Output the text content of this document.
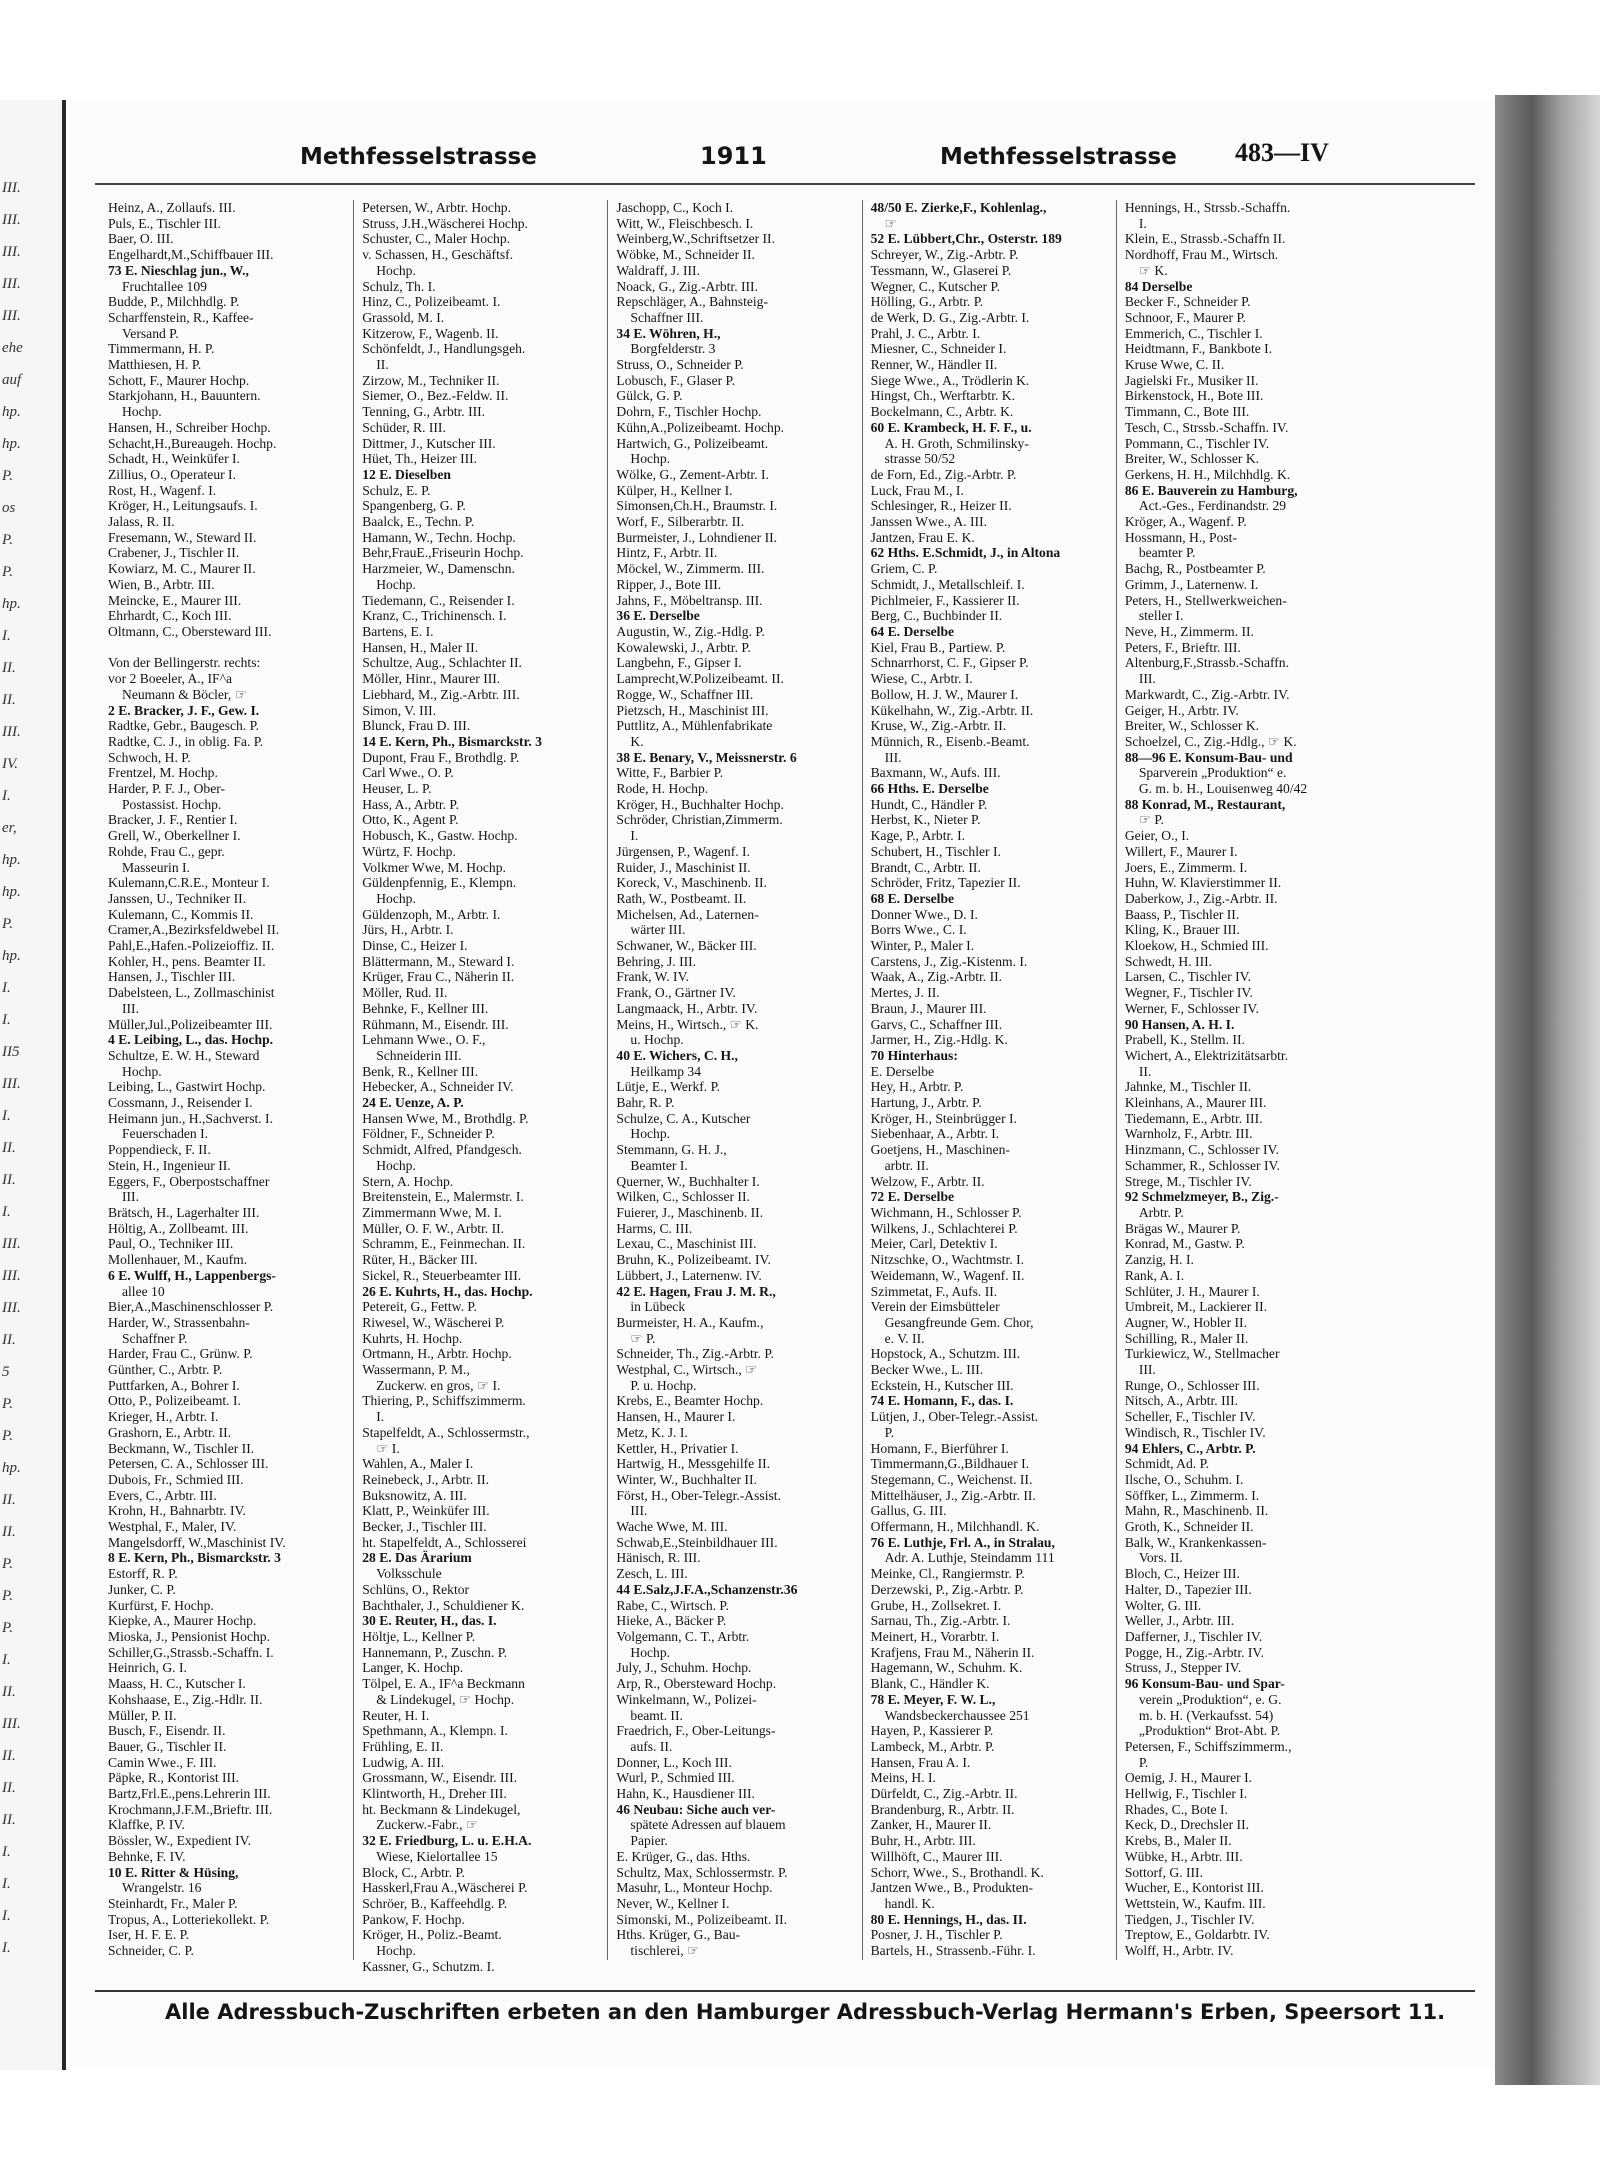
III.
III.
III.
III.
III.
ehe
auf
hp.
hp.
P.
os
P.
P.
hp.
I.
II.
II.
III.
IV.
I.
er,
hp.
hp.
P.
hp.
I.
I.
II5
III.
I.
II.
II.
I.
III.
III.
III.
II.
5
P.
P.
hp.
II.
II.
P.
P.
P.
I.
II.
III.
II.
II.
II.
I.
I.
I.
I.
Methfesselstrasse	1911	Methfesselstrasse 483—IV
Heinz, A., Zollaufs. III.
Puls, E., Tischler III.
Baer, O. III.
Engelhardt,M.,Schiffbauer III.
73 E. Nieschlag jun., W.,
Fruchtallee 109
Budde, P., Milchhdlg. P.
Scharffenstein, R., Kaffee-
Versand P.
Timmermann, H. P.
Matthiesen, H. P.
Schott, F., Maurer Hochp.
Starkjohann, H., Bauuntern.
Hochp.
Hansen, H., Schreiber Hochp.
Schacht,H.,Bureaugeh. Hochp.
Schadt, H., Weinküfer I.
Zillius, O., Operateur I.
Rost, H., Wagenf. I.
Kröger, H., Leitungsaufs. I.
Jalass, R. II.
Fresemann, W., Steward II.
Crabener, J., Tischler II.
Kowiarz, M. C., Maurer II.
Wien, B., Arbtr. III.
Meincke, E., Maurer III.
Ehrhardt, C., Koch III.
Oltmann, C., Obersteward III.

Von der Bellingerstr. rechts:
vor 2 Boeeler, A., IF^a
Neumann & Böcler, ☞
2 E. Bracker, J. F., Gew. I.
Radtke, Gebr., Baugesch. P.
Radtke, C. J., in oblig. Fa. P.
Schwoch, H. P.
Frentzel, M. Hochp.
Harder, P. F. J., Ober-
Postassist. Hochp.
Bracker, J. F., Rentier I.
Grell, W., Oberkellner I.
Rohde, Frau C., gepr.
Masseurin I.
Kulemann,C.R.E., Monteur I.
Janssen, U., Techniker II.
Kulemann, C., Kommis II.
Cramer,A.,Bezirksfeldwebel II.
Pahl,E.,Hafen.-Polizeioffiz. II.
Kohler, H., pens. Beamter II.
Hansen, J., Tischler III.
Dabelsteen, L., Zollmaschinist
III.
Müller,Jul.,Polizeibeamter III.
4 E. Leibing, L., das. Hochp.
Schultze, E. W. H., Steward
Hochp.
Leibing, L., Gastwirt Hochp.
Cossmann, J., Reisender I.
Heimann jun., H.,Sachverst. I.
Feuerschaden I.
Poppendieck, F. II.
Stein, H., Ingenieur II.
Eggers, F., Oberpostschaffner
III.
Brätsch, H., Lagerhalter III.
Höltig, A., Zollbeamt. III.
Paul, O., Techniker III.
Mollenhauer, M., Kaufm.
6 E. Wulff, H., Lappenbergs-
allee 10
Bier,A.,Maschinenschlosser P.
Harder, W., Strassenbahn-
Schaffner P.
Harder, Frau C., Grünw. P.
Günther, C., Arbtr. P.
Puttfarken, A., Bohrer I.
Otto, P., Polizeibeamt. I.
Krieger, H., Arbtr. I.
Grashorn, E., Arbtr. II.
Beckmann, W., Tischler II.
Petersen, C. A., Schlosser III.
Dubois, Fr., Schmied III.
Evers, C., Arbtr. III.
Krohn, H., Bahnarbtr. IV.
Westphal, F., Maler, IV.
Mangelsdorff, W.,Maschinist IV.
8 E. Kern, Ph., Bismarckstr. 3
Estorff, R. P.
Junker, C. P.
Kurfürst, F. Hochp.
Kiepke, A., Maurer Hochp.
Mioska, J., Pensionist Hochp.
Schiller,G.,Strassb.-Schaffn. I.
Heinrich, G. I.
Maass, H. C., Kutscher I.
Kohshaase, E., Zig.-Hdlr. II.
Müller, P. II.
Busch, F., Eisendr. II.
Bauer, G., Tischler II.
Camin Wwe., F. III.
Päpke, R., Kontorist III.
Bartz,Frl.E.,pens.Lehrerin III.
Krochmann,J.F.M.,Brieftr. III.
Klaffke, P. IV.
Bössler, W., Expedient IV.
Behnke, F. IV.
10 E. Ritter & Hüsing,
Wrangelstr. 16
Steinhardt, Fr., Maler P.
Tropus, A., Lotteriekollekt. P.
Iser, H. F. E. P.
Schneider, C. P.
Petersen, W., Arbtr. Hochp.
Struss, J.H.,Wäscherei Hochp.
Schuster, C., Maler Hochp.
v. Schassen, H., Geschäftsf.
Hochp.
Schulz, Th. I.
Hinz, C., Polizeibeamt. I.
Grassold, M. I.
Kitzerow, F., Wagenb. II.
Schönfeldt, J., Handlungsgeh.
II.
Zirzow, M., Techniker II.
Siemer, O., Bez.-Feldw. II.
Tenning, G., Arbtr. III.
Schüder, R. III.
Dittmer, J., Kutscher III.
Hüet, Th., Heizer III.
12 E. Dieselben
Schulz, E. P.
Spangenberg, G. P.
Baalck, E., Techn. P.
Hamann, W., Techn. Hochp.
Behr,FrauE.,Friseurin Hochp.
Harzmeier, W., Damenschn.
Hochp.
Tiedemann, C., Reisender I.
Kranz, C., Trichinensch. I.
Bartens, E. I.
Hansen, H., Maler II.
Schultze, Aug., Schlachter II.
Möller, Hinr., Maurer III.
Liebhard, M., Zig.-Arbtr. III.
Simon, V. III.
Blunck, Frau D. III.
14 E. Kern, Ph., Bismarckstr. 3
Dupont, Frau F., Brothdlg. P.
Carl Wwe., O. P.
Heuser, L. P.
Hass, A., Arbtr. P.
Otto, K., Agent P.
Hobusch, K., Gastw. Hochp.
Würtz, F. Hochp.
Volkmer Wwe, M. Hochp.
Güldenpfennig, E., Klempn.
Hochp.
Güldenzoph, M., Arbtr. I.
Jürs, H., Arbtr. I.
Dinse, C., Heizer I.
Blättermann, M., Steward I.
Krüger, Frau C., Näherin II.
Möller, Rud. II.
Behnke, F., Kellner III.
Rühmann, M., Eisendr. III.
Lehmann Wwe., O. F.,
Schneiderin III.
Benk, R., Kellner III.
Hebecker, A., Schneider IV.
24 E. Uenze, A. P.
Hansen Wwe, M., Brothdlg. P.
Földner, F., Schneider P.
Schmidt, Alfred, Pfandgesch.
Hochp.
Stern, A. Hochp.
Breitenstein, E., Malermstr. I.
Zimmermann Wwe, M. I.
Müller, O. F. W., Arbtr. II.
Schramm, E., Feinmechan. II.
Rüter, H., Bäcker III.
Sickel, R., Steuerbeamter III.
26 E. Kuhrts, H., das. Hochp.
Petereit, G., Fettw. P.
Riwesel, W., Wäscherei P.
Kuhrts, H. Hochp.
Ortmann, H., Arbtr. Hochp.
Wassermann, P. M.,
Zuckerw. en gros, ☞ I.
Thiering, P., Schiffszimmerm.
I.
Stapelfeldt, A., Schlossermstr.,
☞ I.
Wahlen, A., Maler I.
Reinebeck, J., Arbtr. II.
Buksnowitz, A. III.
Klatt, P., Weinküfer III.
Becker, J., Tischler III.
ht. Stapelfeldt, A., Schlosserei
28 E. Das Ärarium
Volksschule
Schlüns, O., Rektor
Bachthaler, J., Schuldiener K.
30 E. Reuter, H., das. I.
Höltje, L., Kellner P.
Hannemann, P., Zuschn. P.
Langer, K. Hochp.
Tölpel, E. A., IF^a Beckmann
& Lindekugel, ☞ Hochp.
Reuter, H. I.
Spethmann, A., Klempn. I.
Frühling, E. II.
Ludwig, A. III.
Grossmann, W., Eisendr. III.
Klintworth, H., Dreher III.
ht. Beckmann & Lindekugel,
Zuckerw.-Fabr., ☞
32 E. Friedburg, L. u. E.H.A.
Wiese, Kielortallee 15
Block, C., Arbtr. P.
Hasskerl,Frau A.,Wäscherei P.
Schröer, B., Kaffeehdlg. P.
Pankow, F. Hochp.
Kröger, H., Poliz.-Beamt.
Hochp.
Kassner, G., Schutzm. I.
Jaschopp, C., Koch I.
Witt, W., Fleischbesch. I.
Weinberg,W.,Schriftsetzer II.
Wöbke, M., Schneider II.
Waldraff, J. III.
Noack, G., Zig.-Arbtr. III.
Repschläger, A., Bahnsteig-
Schaffner III.
34 E. Wöhren, H.,
Borgfelderstr. 3
Struss, O., Schneider P.
Lobusch, F., Glaser P.
Gülck, G. P.
Dohrn, F., Tischler Hochp.
Kühn,A.,Polizeibeamt. Hochp.
Hartwich, G., Polizeibeamt.
Hochp.
Wölke, G., Zement-Arbtr. I.
Külper, H., Kellner I.
Simonsen,Ch.H., Braumstr. I.
Worf, F., Silberarbtr. II.
Burmeister, J., Lohndiener II.
Hintz, F., Arbtr. II.
Möckel, W., Zimmerm. III.
Ripper, J., Bote III.
Jahns, F., Möbeltransp. III.
36 E. Derselbe
Augustin, W., Zig.-Hdlg. P.
Kowalewski, J., Arbtr. P.
Langbehn, F., Gipser I.
Lamprecht,W.Polizeibeamt. II.
Rogge, W., Schaffner III.
Pietzsch, H., Maschinist III.
Puttlitz, A., Mühlenfabrikate
K.
38 E. Benary, V., Meissnerstr. 6
Witte, F., Barbier P.
Rode, H. Hochp.
Kröger, H., Buchhalter Hochp.
Schröder, Christian,Zimmerm.
I.
Jürgensen, P., Wagenf. I.
Ruider, J., Maschinist II.
Koreck, V., Maschinenb. II.
Rath, W., Postbeamt. II.
Michelsen, Ad., Laternen-
wärter III.
Schwaner, W., Bäcker III.
Behring, J. III.
Frank, W. IV.
Frank, O., Gärtner IV.
Langmaack, H., Arbtr. IV.
Meins, H., Wirtsch., ☞ K.
u. Hochp.
40 E. Wichers, C. H.,
Heilkamp 34
Lütje, E., Werkf. P.
Bahr, R. P.
Schulze, C. A., Kutscher
Hochp.
Stemmann, G. H. J.,
Beamter I.
Querner, W., Buchhalter I.
Wilken, C., Schlosser II.
Fuierer, J., Maschinenb. II.
Harms, C. III.
Lexau, C., Maschinist III.
Bruhn, K., Polizeibeamt. IV.
Lübbert, J., Laternenw. IV.
42 E. Hagen, Frau J. M. R.,
in Lübeck
Burmeister, H. A., Kaufm.,
☞ P.
Schneider, Th., Zig.-Arbtr. P.
Westphal, C., Wirtsch., ☞
P. u. Hochp.
Krebs, E., Beamter Hochp.
Hansen, H., Maurer I.
Metz, K. J. I.
Kettler, H., Privatier I.
Hartwig, H., Messgehilfe II.
Winter, W., Buchhalter II.
Först, H., Ober-Telegr.-Assist.
III.
Wache Wwe, M. III.
Schwab,E.,Steinbildhauer III.
Hänisch, R. III.
Zesch, L. III.
44 E.Salz,J.F.A.,Schanzenstr.36
Rabe, C., Wirtsch. P.
Hieke, A., Bäcker P.
Volgemann, C. T., Arbtr.
Hochp.
July, J., Schuhm. Hochp.
Arp, R., Obersteward Hochp.
Winkelmann, W., Polizei-
beamt. II.
Fraedrich, F., Ober-Leitungs-
aufs. II.
Donner, L., Koch III.
Wurl, P., Schmied III.
Hahn, K., Hausdiener III.
46 Neubau: Siche auch ver-
spätete Adressen auf blauem
Papier.
E. Krüger, G., das. Hths.
Schultz, Max, Schlossermstr. P.
Masuhr, L., Monteur Hochp.
Never, W., Kellner I.
Simonski, M., Polizeibeamt. II.
Hths. Krüger, G., Bau-
tischlerei, ☞
48/50 E. Zierke,F., Kohlenlag.,
☞
52 E. Lübbert,Chr., Osterstr. 189
Schreyer, W., Zig.-Arbtr. P.
Tessmann, W., Glaserei P.
Wegner, C., Kutscher P.
Hölling, G., Arbtr. P.
de Werk, D. G., Zig.-Arbtr. I.
Prahl, J. C., Arbtr. I.
Miesner, C., Schneider I.
Renner, W., Händler II.
Siege Wwe., A., Trödlerin K.
Hingst, Ch., Werftarbtr. K.
Bockelmann, C., Arbtr. K.
60 E. Krambeck, H. F. F., u.
A. H. Groth, Schmilinsky-
strasse 50/52
de Forn, Ed., Zig.-Arbtr. P.
Luck, Frau M., I.
Schlesinger, R., Heizer II.
Janssen Wwe., A. III.
Jantzen, Frau E. K.
62 Hths. E.Schmidt, J., in Altona
Griem, C. P.
Schmidt, J., Metallschleif. I.
Pichlmeier, F., Kassierer II.
Berg, C., Buchbinder II.
64 E. Derselbe
Kiel, Frau B., Partiew. P.
Schnarrhorst, C. F., Gipser P.
Wiese, C., Arbtr. I.
Bollow, H. J. W., Maurer I.
Kükelhahn, W., Zig.-Arbtr. II.
Kruse, W., Zig.-Arbtr. II.
Münnich, R., Eisenb.-Beamt.
III.
Baxmann, W., Aufs. III.
66 Hths. E. Derselbe
Hundt, C., Händler P.
Herbst, K., Nieter P.
Kage, P., Arbtr. I.
Schubert, H., Tischler I.
Brandt, C., Arbtr. II.
Schröder, Fritz, Tapezier II.
68 E. Derselbe
Donner Wwe., D. I.
Borrs Wwe., C. I.
Winter, P., Maler I.
Carstens, J., Zig.-Kistenm. I.
Waak, A., Zig.-Arbtr. II.
Mertes, J. II.
Braun, J., Maurer III.
Garvs, C., Schaffner III.
Jarmer, H., Zig.-Hdlg. K.
70 Hinterhaus:
E. Derselbe
Hey, H., Arbtr. P.
Hartung, J., Arbtr. P.
Kröger, H., Steinbrügger I.
Siebenhaar, A., Arbtr. I.
Goetjens, H., Maschinen-
arbtr. II.
Welzow, F., Arbtr. II.
72 E. Derselbe
Wichmann, H., Schlosser P.
Wilkens, J., Schlachterei P.
Meier, Carl, Detektiv I.
Nitzschke, O., Wachtmstr. I.
Weidemann, W., Wagenf. II.
Szimmetat, F., Aufs. II.
Verein der Eimsbütteler
Gesangfreunde Gem. Chor,
e. V. II.
Hopstock, A., Schutzm. III.
Becker Wwe., L. III.
Eckstein, H., Kutscher III.
74 E. Homann, F., das. I.
Lütjen, J., Ober-Telegr.-Assist.
P.
Homann, F., Bierführer I.
Timmermann,G.,Bildhauer I.
Stegemann, C., Weichenst. II.
Mittelhäuser, J., Zig.-Arbtr. II.
Gallus, G. III.
Offermann, H., Milchhandl. K.
76 E. Luthje, Frl. A., in Stralau,
Adr. A. Luthje, Steindamm 111
Meinke, Cl., Rangiermstr. P.
Derzewski, P., Zig.-Arbtr. P.
Grube, H., Zollsekret. I.
Sarnau, Th., Zig.-Arbtr. I.
Meinert, H., Vorarbtr. I.
Krafjens, Frau M., Näherin II.
Hagemann, W., Schuhm. K.
Blank, C., Händler K.
78 E. Meyer, F. W. L.,
Wandsbeckerchaussee 251
Hayen, P., Kassierer P.
Lambeck, M., Arbtr. P.
Hansen, Frau A. I.
Meins, H. I.
Dürfeldt, C., Zig.-Arbtr. II.
Brandenburg, R., Arbtr. II.
Zanker, H., Maurer II.
Buhr, H., Arbtr. III.
Willhöft, C., Maurer III.
Schorr, Wwe., S., Brothandl. K.
Jantzen Wwe., B., Produkten-
handl. K.
80 E. Hennings, H., das. II.
Posner, J. H., Tischler P.
Bartels, H., Strassenb.-Führ. I.
Hennings, H., Strssb.-Schaffn.
I.
Klein, E., Strassb.-Schaffn II.
Nordhoff, Frau M., Wirtsch.
☞ K.
84 Derselbe
Becker F., Schneider P.
Schnoor, F., Maurer P.
Emmerich, C., Tischler I.
Heidtmann, F., Bankbote I.
Kruse Wwe, C. II.
Jagielski Fr., Musiker II.
Birkenstock, H., Bote III.
Timmann, C., Bote III.
Tesch, C., Strssb.-Schaffn. IV.
Pommann, C., Tischler IV.
Breiter, W., Schlosser K.
Gerkens, H. H., Milchhdlg. K.
86 E. Bauverein zu Hamburg,
Act.-Ges., Ferdinandstr. 29
Kröger, A., Wagenf. P.
Hossmann, H., Post-
beamter P.
Bachg, R., Postbeamter P.
Grimm, J., Laternenw. I.
Peters, H., Stellwerkweichen-
steller I.
Neve, H., Zimmerm. II.
Peters, F., Brieftr. III.
Altenburg,F.,Strassb.-Schaffn.
III.
Markwardt, C., Zig.-Arbtr. IV.
Geiger, H., Arbtr. IV.
Breiter, W., Schlosser K.
Schoelzel, C., Zig.-Hdlg., ☞ K.
88—96 E. Konsum-Bau- und
Sparverein „Produktion“ e.
G. m. b. H., Louisenweg 40/42
88 Konrad, M., Restaurant,
☞ P.
Geier, O., I.
Willert, F., Maurer I.
Joers, E., Zimmerm. I.
Huhn, W. Klavierstimmer II.
Daberkow, J., Zig.-Arbtr. II.
Baass, P., Tischler II.
Kling, K., Brauer III.
Kloekow, H., Schmied III.
Schwedt, H. III.
Larsen, C., Tischler IV.
Wegner, F., Tischler IV.
Werner, F., Schlosser IV.
90 Hansen, A. H. I.
Prabell, K., Stellm. II.
Wichert, A., Elektrizitätsarbtr.
II.
Jahnke, M., Tischler II.
Kleinhans, A., Maurer III.
Tiedemann, E., Arbtr. III.
Warnholz, F., Arbtr. III.
Hinzmann, C., Schlosser IV.
Schammer, R., Schlosser IV.
Strege, M., Tischler IV.
92 Schmelzmeyer, B., Zig.-
Arbtr. P.
Brägas W., Maurer P.
Konrad, M., Gastw. P.
Zanzig, H. I.
Rank, A. I.
Schlüter, J. H., Maurer I.
Umbreit, M., Lackierer II.
Augner, W., Hobler II.
Schilling, R., Maler II.
Turkiewicz, W., Stellmacher
III.
Runge, O., Schlosser III.
Nitsch, A., Arbtr. III.
Scheller, F., Tischler IV.
Windisch, R., Tischler IV.
94 Ehlers, C., Arbtr. P.
Schmidt, Ad. P.
Ilsche, O., Schuhm. I.
Söffker, L., Zimmerm. I.
Mahn, R., Maschinenb. II.
Groth, K., Schneider II.
Balk, W., Krankenkassen-
Vors. II.
Bloch, C., Heizer III.
Halter, D., Tapezier III.
Wolter, G. III.
Weller, J., Arbtr. III.
Dafferner, J., Tischler IV.
Pogge, H., Zig.-Arbtr. IV.
Struss, J., Stepper IV.
96 Konsum-Bau- und Spar-
verein „Produktion“, e. G.
m. b. H. (Verkaufsst. 54)
„Produktion“ Brot-Abt. P.
Petersen, F., Schiffszimmerm.,
P.
Oemig, J. H., Maurer I.
Hellwig, F., Tischler I.
Rhades, C., Bote I.
Keck, D., Drechsler II.
Krebs, B., Maler II.
Wübke, H., Arbtr. III.
Sottorf, G. III.
Wucher, E., Kontorist III.
Wettstein, W., Kaufm. III.
Tiedgen, J., Tischler IV.
Treptow, E., Goldarbtr. IV.
Wolff, H., Arbtr. IV.
Alle Adressbuch-Zuschriften erbeten an den Hamburger Adressbuch-Verlag Hermann's Erben, Speersort 11.
